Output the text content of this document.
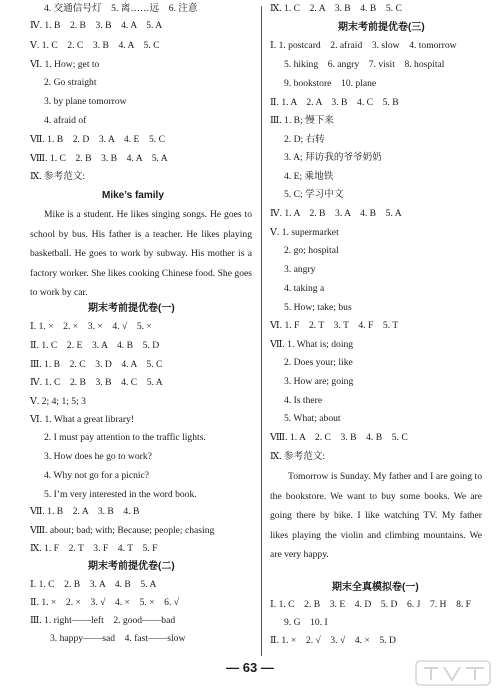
4. 交通信号灯　5. 离……远　6. 注意
Ⅳ. 1. B　2. B　3. B　4. A　5. A
Ⅴ. 1. C　2. C　3. B　4. A　5. C
Ⅵ. 1. How; get to
2. Go straight
3. by plane tomorrow
4. afraid of
Ⅶ. 1. B　2. D　3. A　4. E　5. C
Ⅷ. 1. C　2. B　3. B　4. A　5. A
Ⅸ. 参考范文:
Mike’s family
Mike is a student. He likes singing songs. He goes to school by bus. His father is a teacher. He likes playing basketball. He goes to work by subway. His mother is a factory worker. She likes cooking Chinese food. She goes to work by car.
期末考前提优卷(一)
Ⅰ. 1. ×　2. ×　3. ×　4. √　5. ×
Ⅱ. 1. C　2. E　3. A　4. B　5. D
Ⅲ. 1. B　2. C　3. D　4. A　5. C
Ⅳ. 1. C　2. B　3. B　4. C　5. A
Ⅴ. 2; 4; 1; 5; 3
Ⅵ. 1. What a great library!
2. I must pay attention to the traffic lights.
3. How does he go to work?
4. Why not go for a picnic?
5. I’m very interested in the word book.
Ⅶ. 1. B　2. A　3. B　4. B
Ⅷ. about; bad; with; Because; people; chasing
Ⅸ. 1. F　2. T　3. F　4. T　5. F
期末考前提优卷(二)
Ⅰ. 1. C　2. B　3. A　4. B　5. A
Ⅱ. 1. ×　2. ×　3. √　4. ×　5. ×　6. √
Ⅲ. 1. right——left　2. good——bad
3. happy——sad　4. fast——slow
Ⅸ. 1. C　2. A　3. B　4. B　5. C
期末考前提优卷(三)
Ⅰ. 1. postcard　2. afraid　3. slow　4. tomorrow
5. hiking　6. angry　7. visit　8. hospital
9. bookstore　10. plane
Ⅱ. 1. A　2. A　3. B　4. C　5. B
Ⅲ. 1. B; 慢下来
2. D; 右转
3. A; 拜访我的爷爷奶奶
4. E; 乘地铁
5. C; 学习中文
Ⅳ. 1. A　2. B　3. A　4. B　5. A
Ⅴ. 1. supermarket
2. go; hospital
3. angry
4. taking a
5. How; take; bus
Ⅵ. 1. F　2. T　3. T　4. F　5. T
Ⅶ. 1. What is; doing
2. Does your; like
3. How are; going
4. Is there
5. What; about
Ⅷ. 1. A　2. C　3. B　4. B　5. C
Ⅸ. 参考范文:
Tomorrow is Sunday. My father and I are going to the bookstore. We want to buy some books. We are going there by bike. I like watching TV. My father likes playing the violin and climbing mountains. We are very happy.
期末全真模拟卷(一)
Ⅰ. 1. C　2. B　3. E　4. D　5. D　6. J　7. H　8. F
9. G　10. I
Ⅱ. 1. ×　2. √　3. √　4. ×　5. D
— 63 —
